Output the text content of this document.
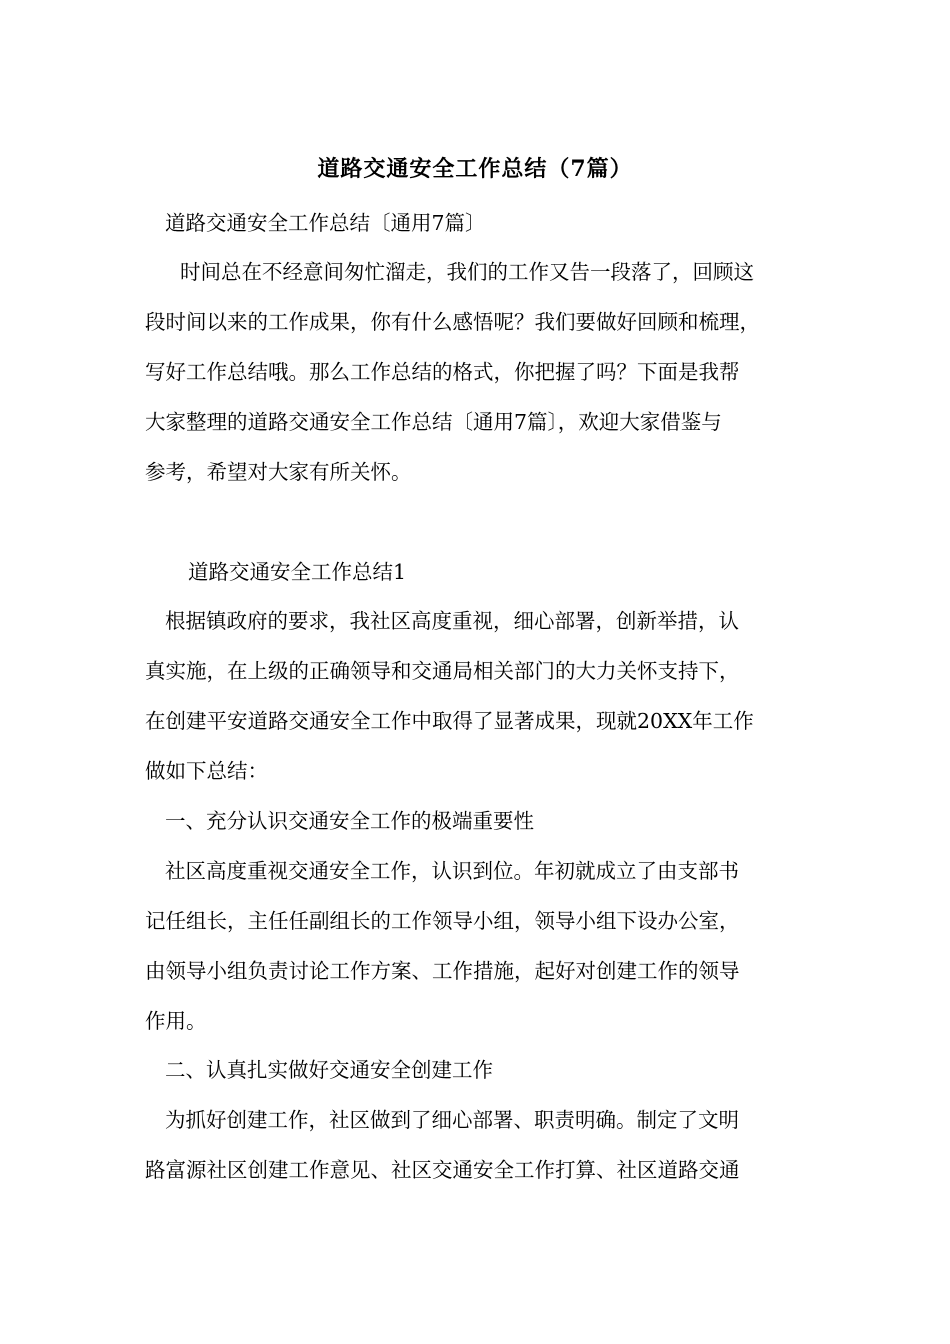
道路交通安全工作总结（7篇）
道路交通安全工作总结〔通用7篇〕
时间总在不经意间匆忙溜走，我们的工作又告一段落了，回顾这
段时间以来的工作成果，你有什么感悟呢？我们要做好回顾和梳理，
写好工作总结哦。那么工作总结的格式，你把握了吗？下面是我帮
大家整理的道路交通安全工作总结〔通用7篇〕，欢迎大家借鉴与
参考，希望对大家有所关怀。
道路交通安全工作总结1
根据镇政府的要求，我社区高度重视，细心部署，创新举措，认
真实施，在上级的正确领导和交通局相关部门的大力关怀支持下，
在创建平安道路交通安全工作中取得了显著成果，现就20XX年工作
做如下总结：
一、充分认识交通安全工作的极端重要性
社区高度重视交通安全工作，认识到位。年初就成立了由支部书
记任组长，主任任副组长的工作领导小组，领导小组下设办公室，
由领导小组负责讨论工作方案、工作措施，起好对创建工作的领导
作用。
二、认真扎实做好交通安全创建工作
为抓好创建工作，社区做到了细心部署、职责明确。制定了文明
路富源社区创建工作意见、社区交通安全工作打算、社区道路交通
